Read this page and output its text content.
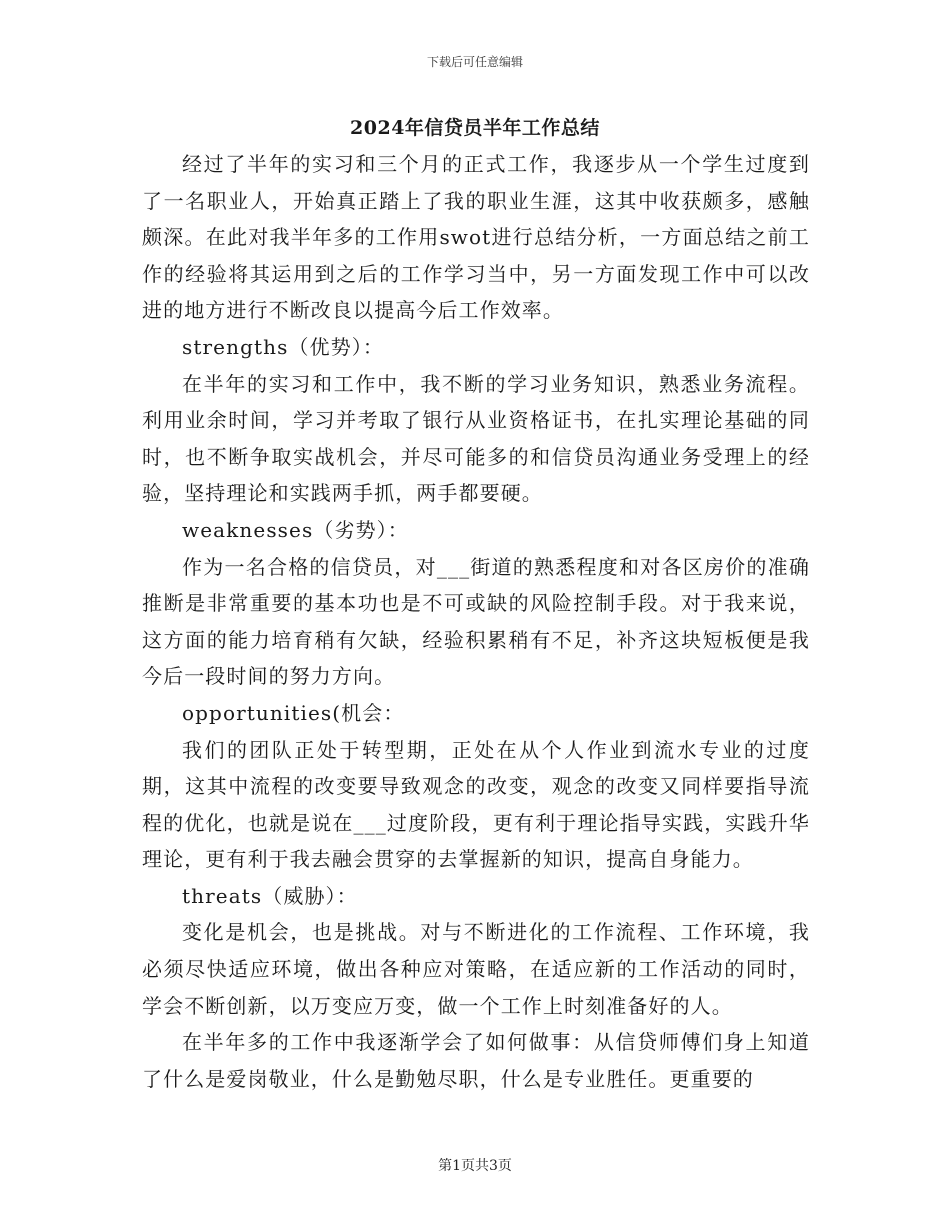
下载后可任意编辑
2024年信贷员半年工作总结

经过了半年的实习和三个月的正式工作，我逐步从一个学生过度到了一名职业人，开始真正踏上了我的职业生涯，这其中收获颇多，感触颇深。在此对我半年多的工作用swot进行总结分析，一方面总结之前工作的经验将其运用到之后的工作学习当中，另一方面发现工作中可以改进的地方进行不断改良以提高今后工作效率。

strengths（优势）：

在半年的实习和工作中，我不断的学习业务知识，熟悉业务流程。利用业余时间，学习并考取了银行从业资格证书，在扎实理论基础的同时，也不断争取实战机会，并尽可能多的和信贷员沟通业务受理上的经验，坚持理论和实践两手抓，两手都要硬。

weaknesses（劣势）：

作为一名合格的信贷员，对___街道的熟悉程度和对各区房价的准确推断是非常重要的基本功也是不可或缺的风险控制手段。对于我来说，这方面的能力培育稍有欠缺，经验积累稍有不足，补齐这块短板便是我今后一段时间的努力方向。

opportunities(机会：

我们的团队正处于转型期，正处在从个人作业到流水专业的过度期，这其中流程的改变要导致观念的改变，观念的改变又同样要指导流程的优化，也就是说在___过度阶段，更有利于理论指导实践，实践升华理论，更有利于我去融会贯穿的去掌握新的知识，提高自身能力。

threats（威胁）：

变化是机会，也是挑战。对与不断进化的工作流程、工作环境，我必须尽快适应环境，做出各种应对策略，在适应新的工作活动的同时，学会不断创新，以万变应万变，做一个工作上时刻准备好的人。

在半年多的工作中我逐渐学会了如何做事：从信贷师傅们身上知道了什么是爱岗敬业，什么是勤勉尽职，什么是专业胜任。更重要的

第1页共3页
